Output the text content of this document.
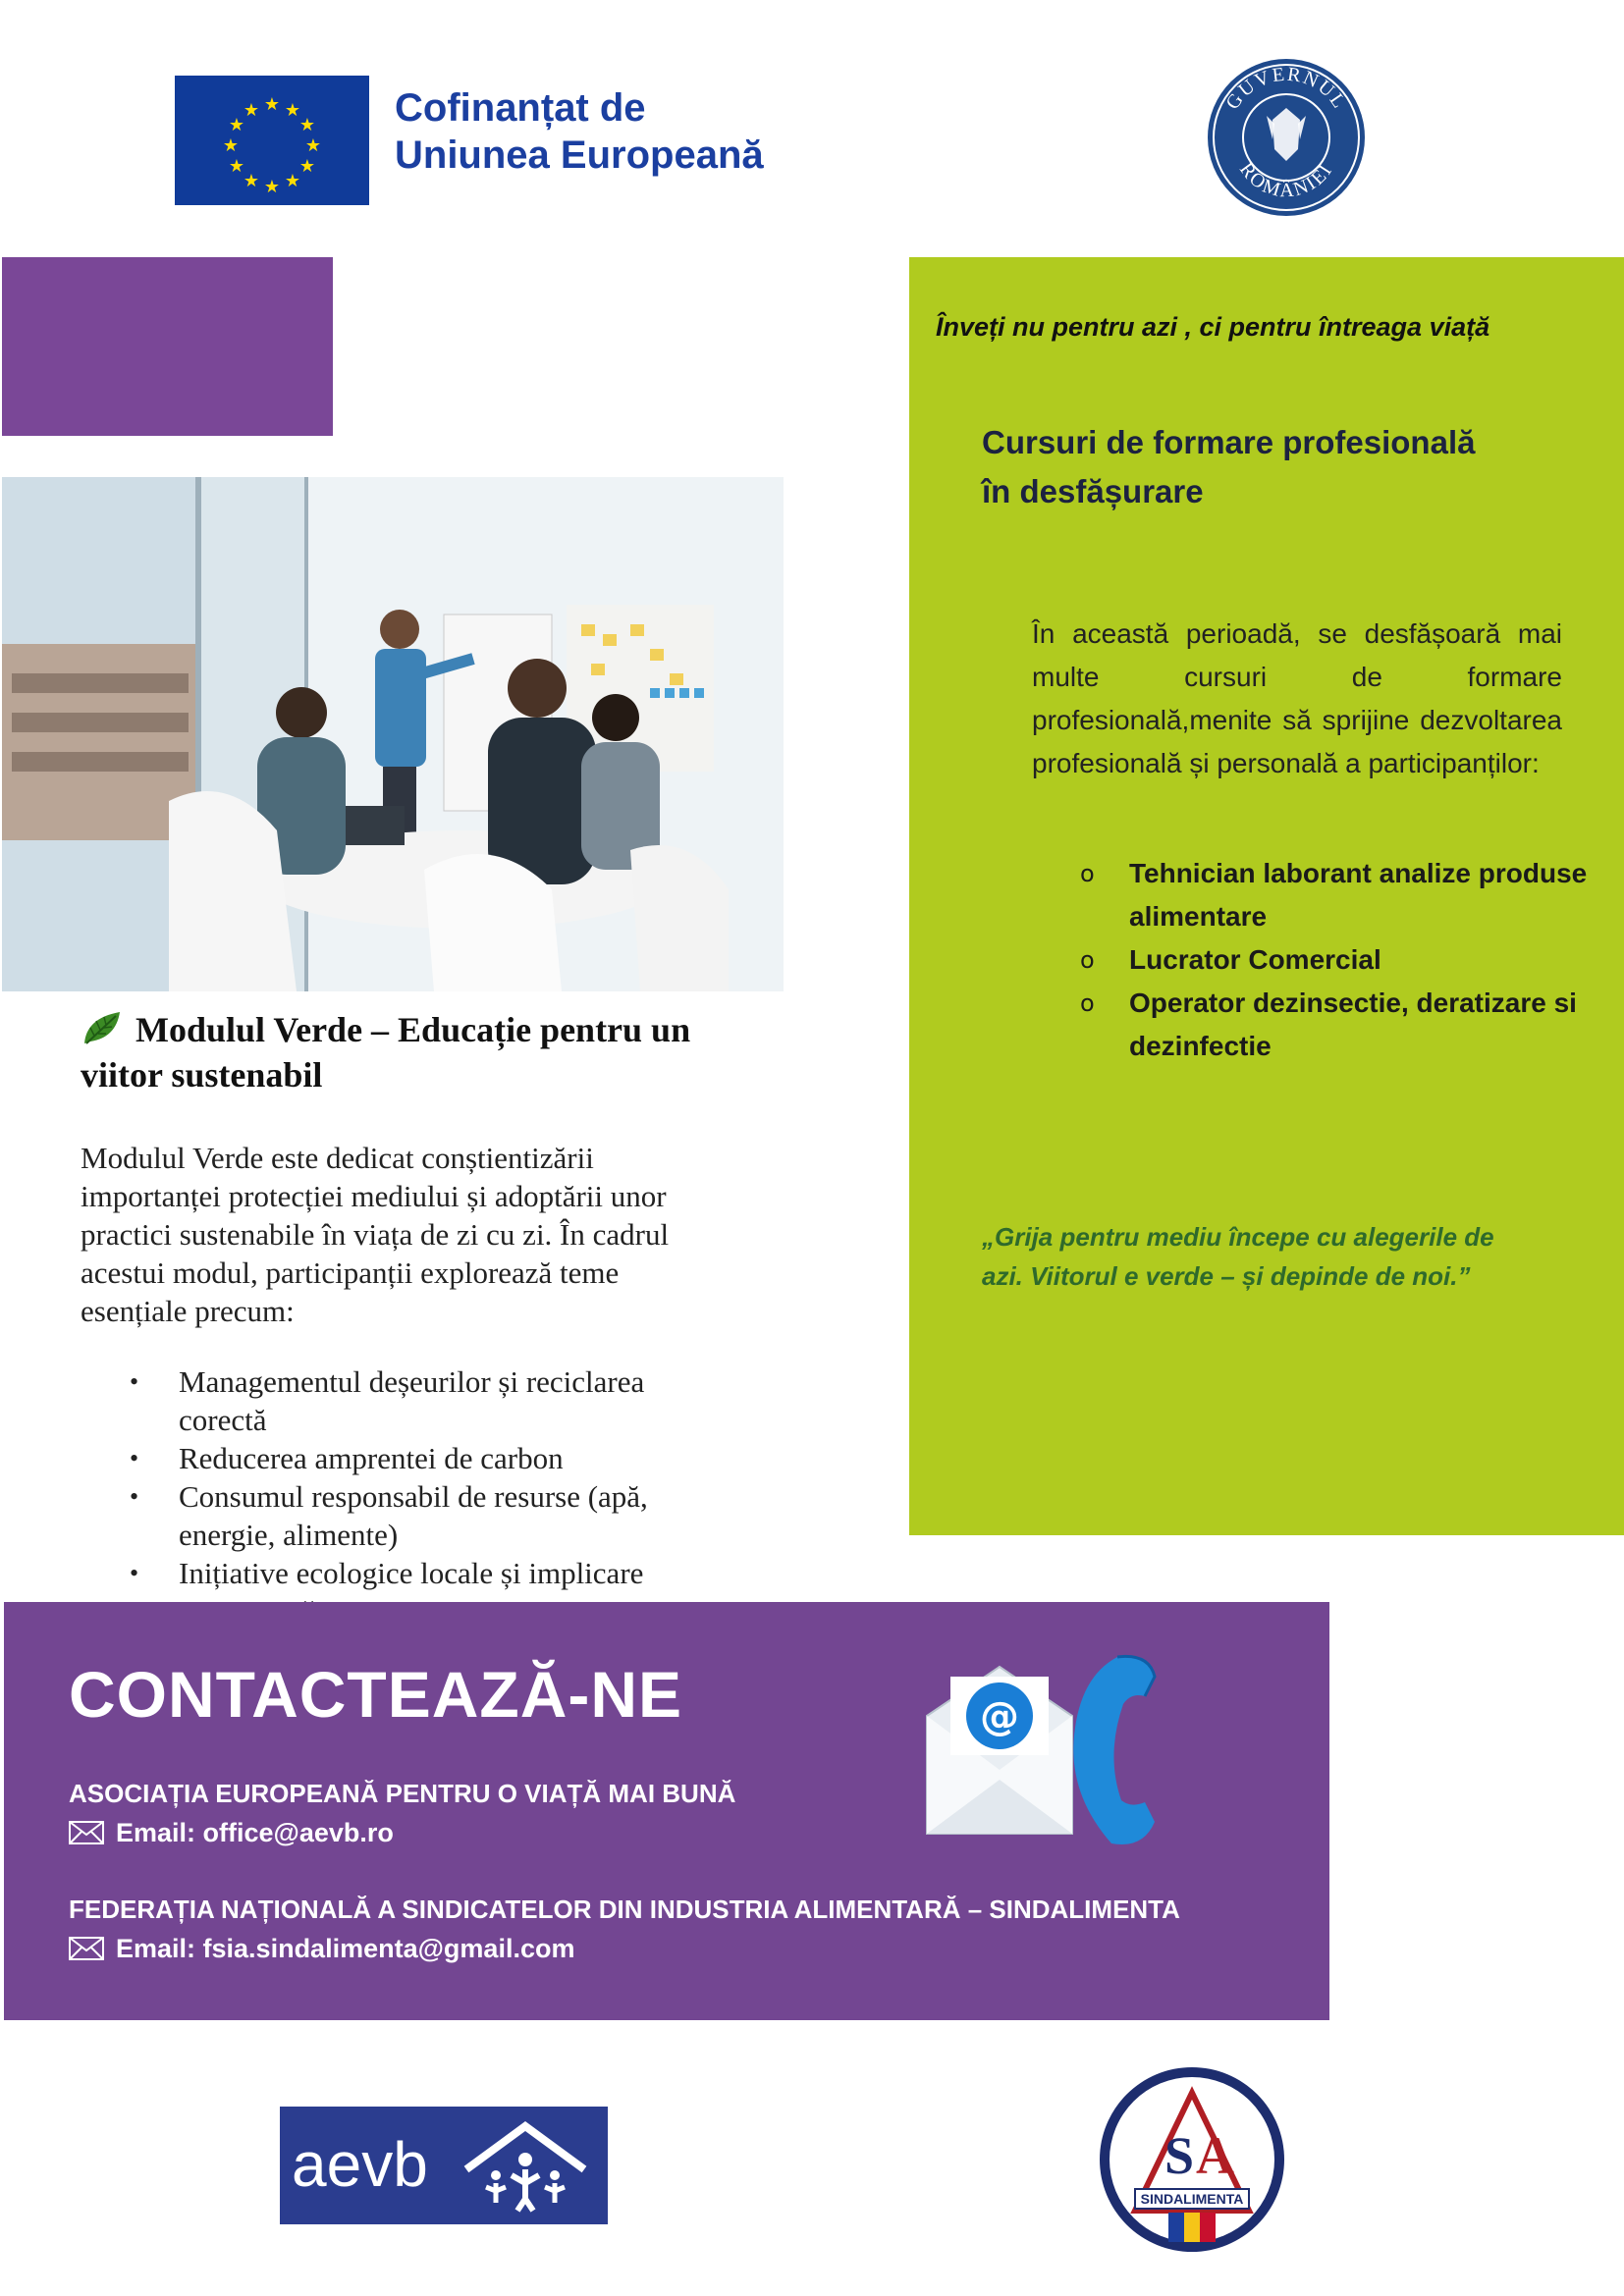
★ ★
★
★
★
★
★
★
★
★
★
★	Cofinanțat de
Uniunea Europeană
GUVERNUL
ROMÂNIEI
Înveți nu pentru azi , ci pentru întreaga viață
Cursuri de formare profesională
în desfășurare
În această perioadă, se desfășoară mai multe cursuri de formare profesională,menite să sprijine dezvoltarea profesională și personală a participanților:
o Tehnician laborant analize produse alimentare
o Lucrator Comercial
o Operator dezinsectie, deratizare si dezinfectie
„Grija pentru mediu începe cu alegerile de
azi. Viitorul e verde – și depinde de noi.”
Modulul Verde – Educație pentru un viitor sustenabil
Modulul Verde este dedicat conștientizării importanței protecției mediului și adoptării unor practici sustenabile în viața de zi cu zi. În cadrul acestui modul, participanții explorează teme esențiale precum:
• Managementul deșeurilor și reciclarea corectă
• Reducerea amprentei de carbon
• Consumul responsabil de resurse (apă, energie, alimente)
• Inițiative ecologice locale și implicare
CONTACTEAZĂ-NE
ASOCIAȚIA EUROPEANĂ PENTRU O VIAȚĂ MAI BUNĂ
Email: office@aevb.ro
FEDERAȚIA NAȚIONALĂ A SINDICATELOR DIN INDUSTRIA ALIMENTARĂ – SINDALIMENTA
Email: fsia.sindalimenta@gmail.com
@
aevb	S A
SINDALIMENTA
